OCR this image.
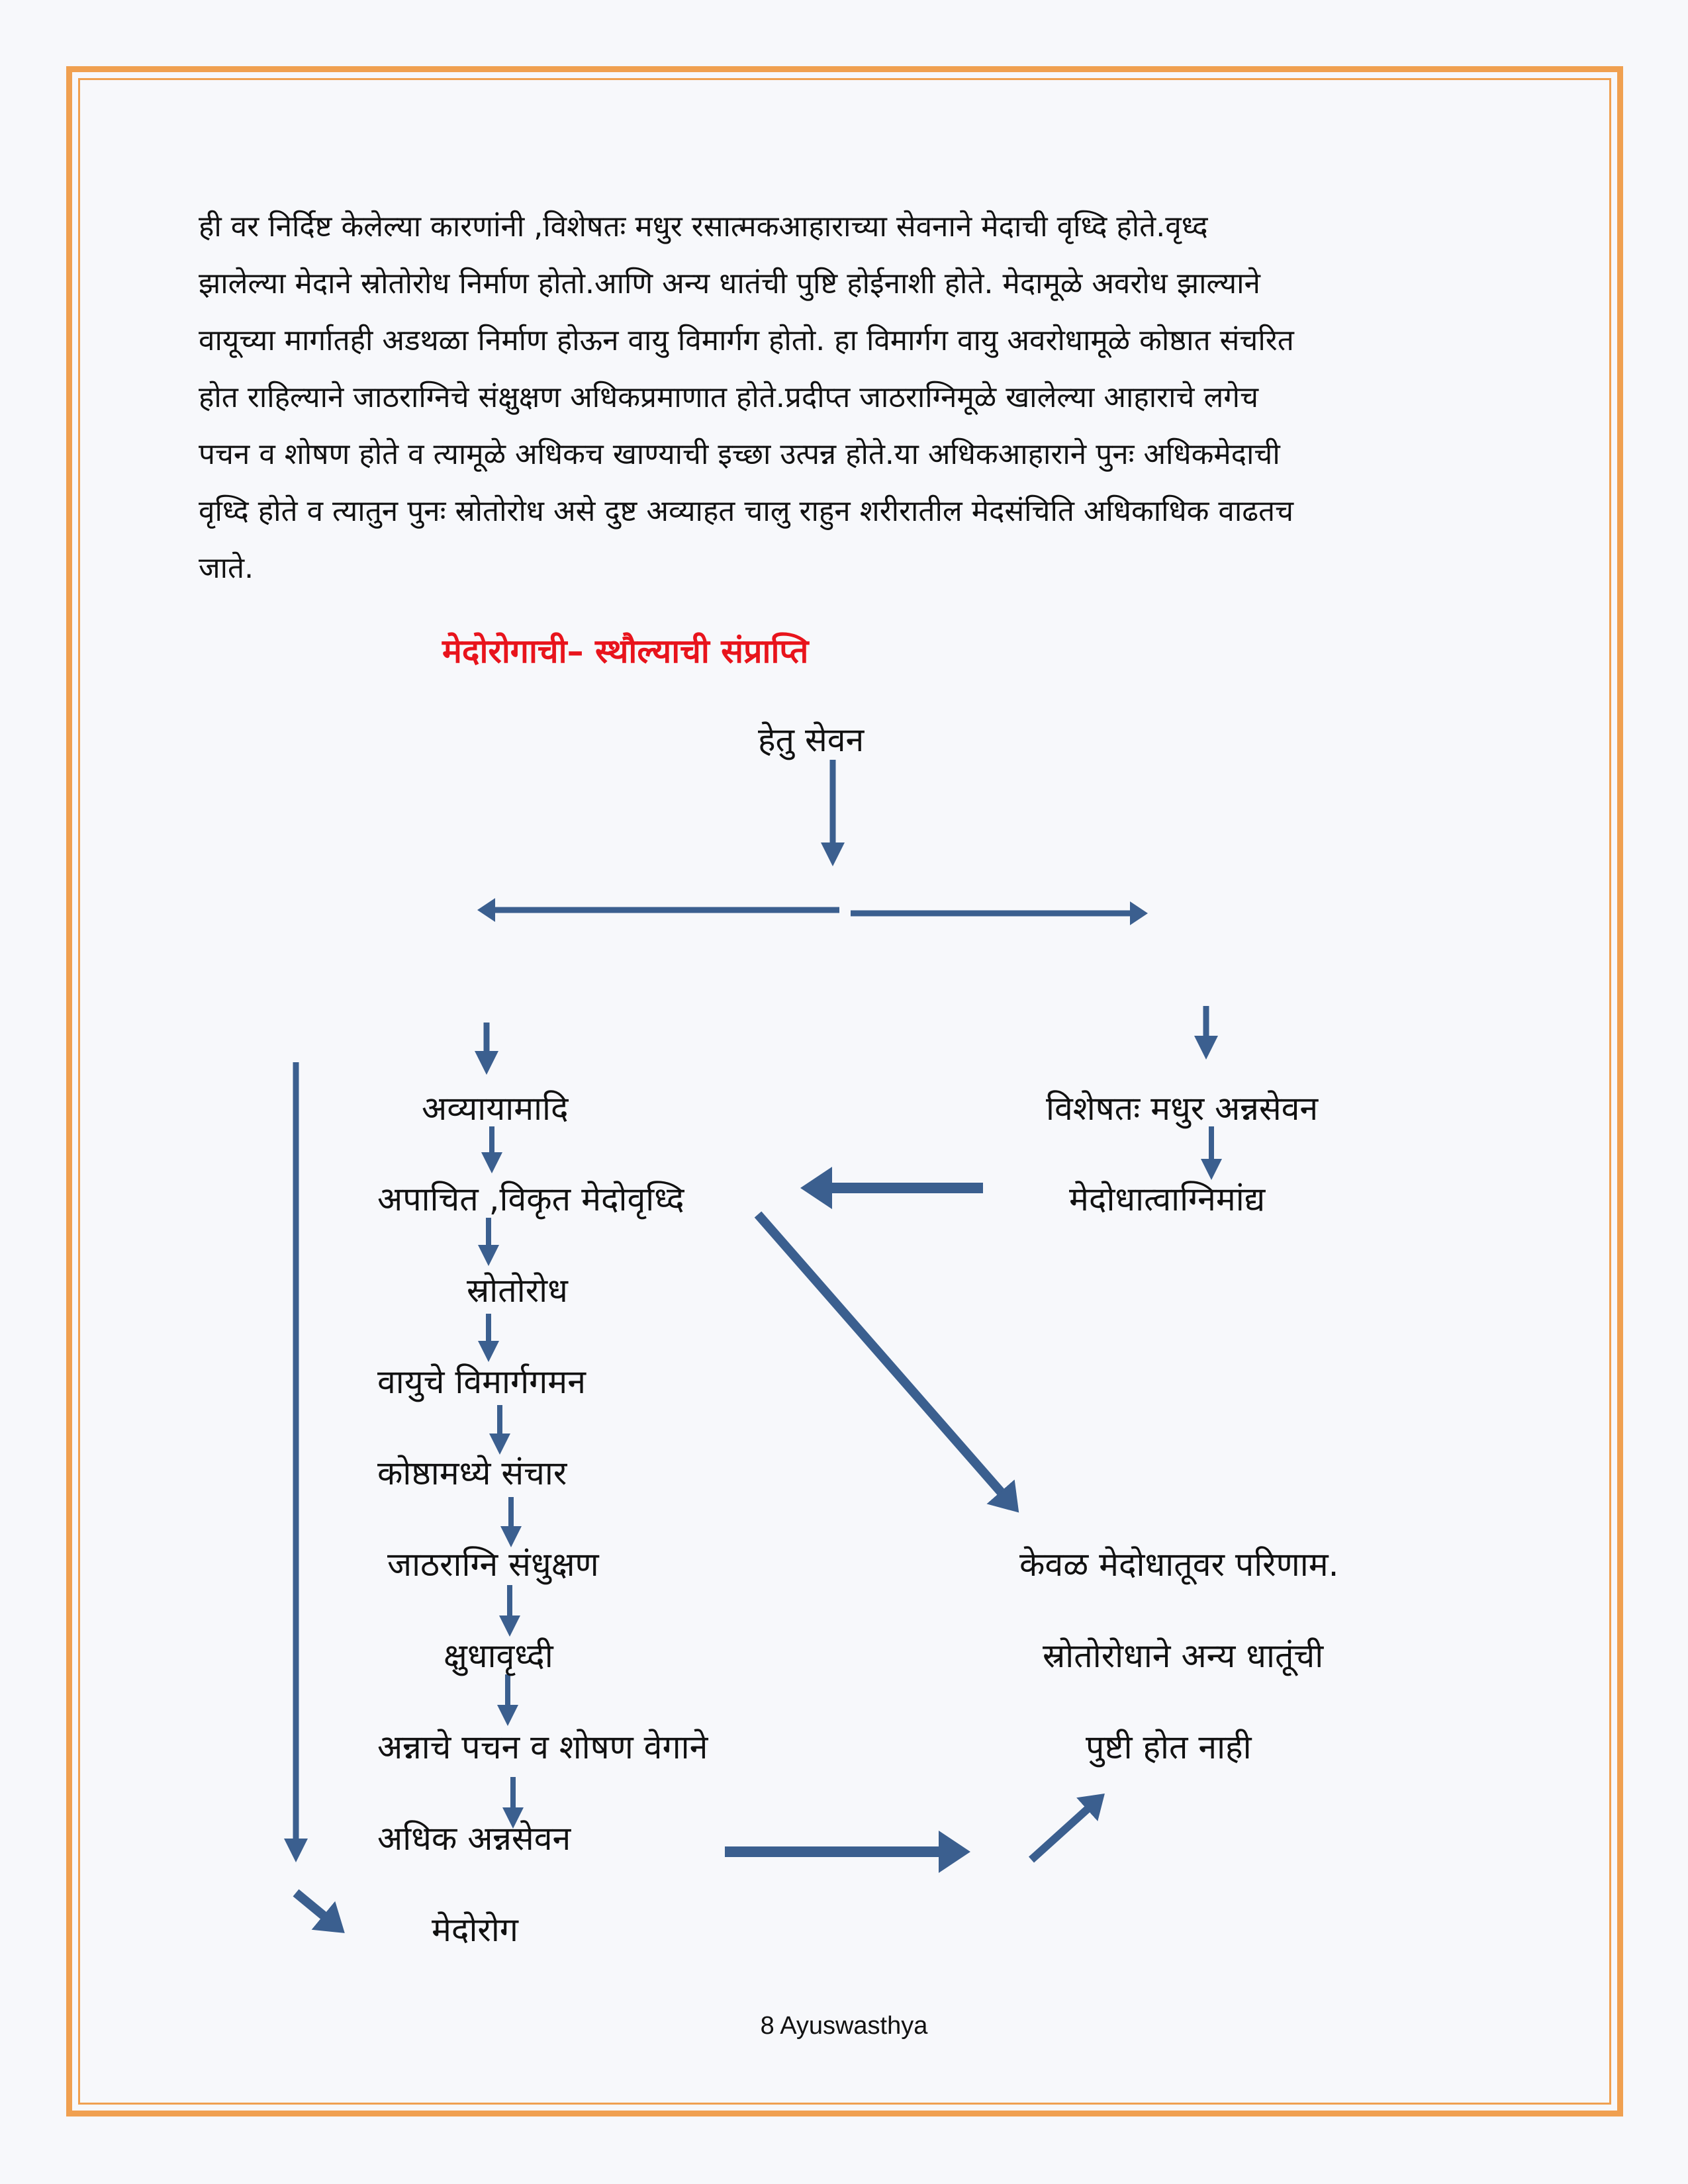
ही वर निर्दिष्ट केलेल्या कारणांनी ,विशेषतः मधुर रसात्मकआहाराच्या सेवनाने मेदाची वृध्दि होते.वृध्द

झालेल्या मेदाने स्रोतोरोध निर्माण होतो.आणि अन्य धातंची पुष्टि होईनाशी होते. मेदामूळे अवरोध झाल्याने

वायूच्या मार्गातही अडथळा निर्माण होऊन वायु विमार्गग होतो. हा विमार्गग वायु अवरोधामूळे कोष्ठात संचरित

होत राहिल्याने जाठराग्निचे संक्षुक्षण अधिकप्रमाणात होते.प्रदीप्त जाठराग्निमूळे खालेल्या आहाराचे लगेच

पचन व शोषण होते व त्यामूळे अधिकच खाण्याची इच्छा उत्पन्न होते.या अधिकआहाराने पुनः अधिकमेदाची

वृध्दि होते व त्यातुन पुनः स्रोतोरोध असे दुष्ट अव्याहत चालु राहुन शरीरातील मेदसंचिति अधिकाधिक वाढतच

जाते.

मेदोरोगाची– स्थौल्याची संप्राप्ति
हेतु सेवन
अव्यायामादि
अपाचित ,विकृत मेदोवृध्दि
स्रोतोरोध
वायुचे विमार्गगमन
कोष्ठामध्ये संचार
जाठराग्नि संधुक्षण
क्षुधावृध्दी
अन्नाचे पचन व शोषण वेगाने
अधिक अन्नसेवन
मेदोरोग
विशेषतः मधुर अन्नसेवन
मेदोधात्वाग्निमांद्य
केवळ मेदोधातूवर परिणाम.
स्रोतोरोधाने अन्य धातूंची
पुष्टी होत नाही
8 Ayuswasthya
